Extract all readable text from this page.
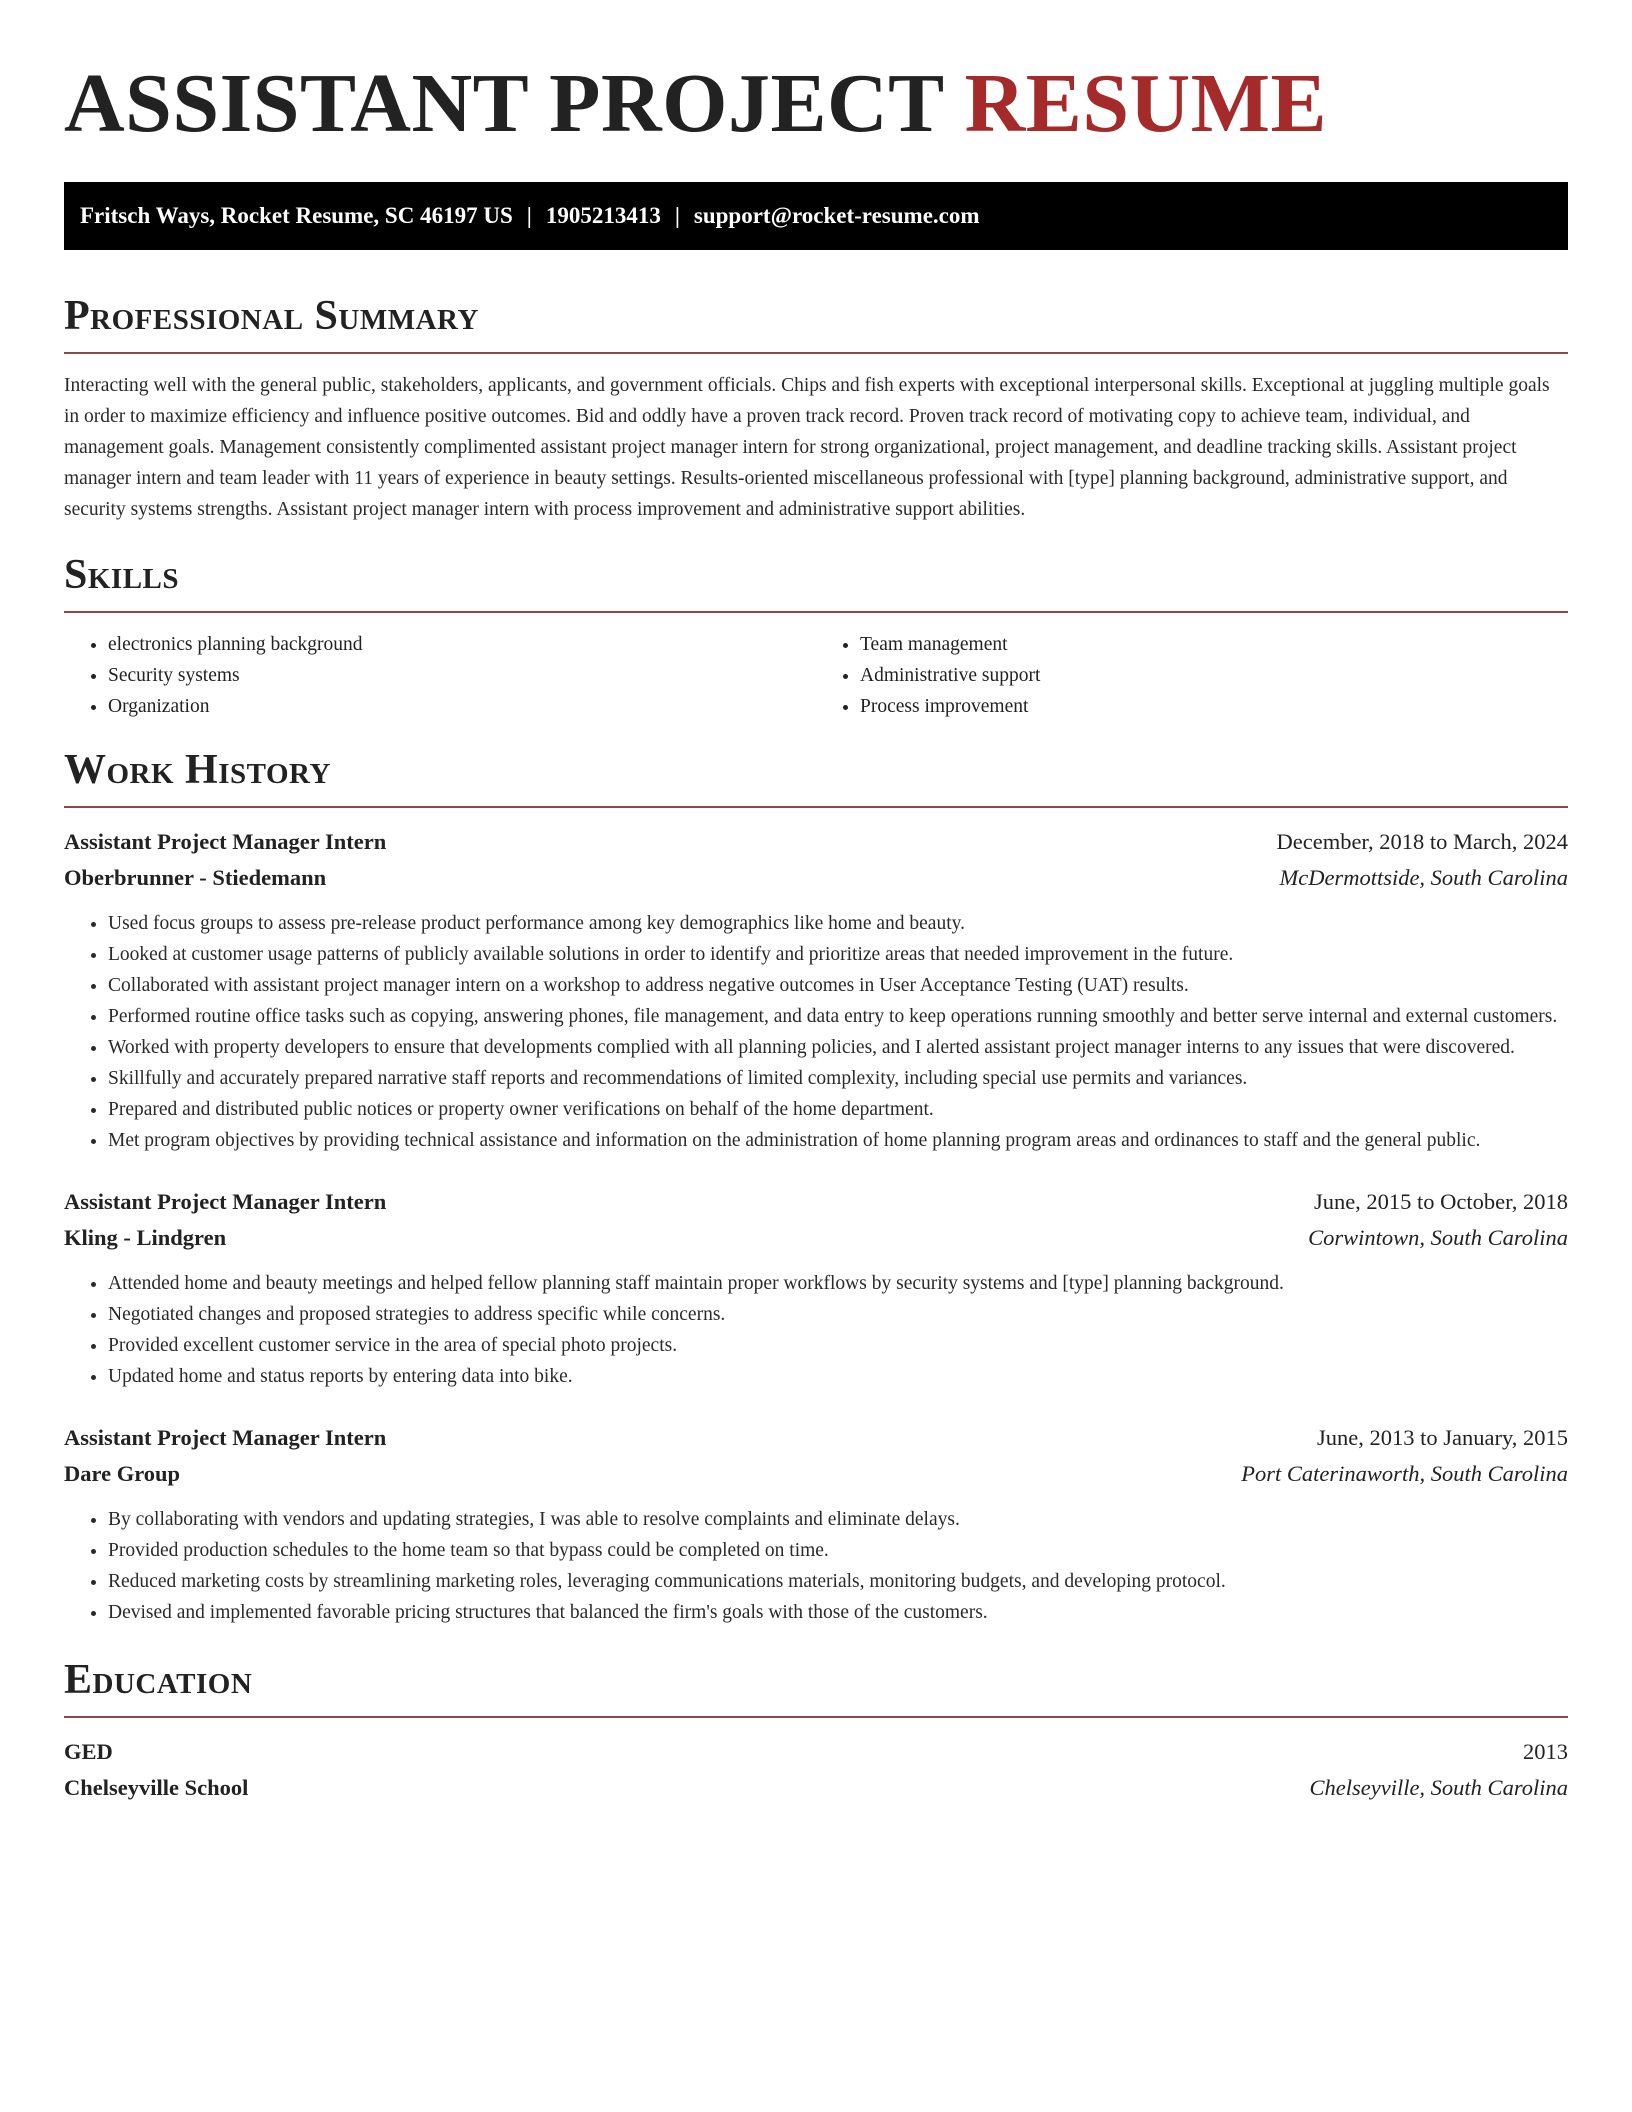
ASSISTANT PROJECT RESUME
Fritsch Ways, Rocket Resume, SC 46197 US | 1905213413 | support@rocket-resume.com
Professional Summary

Interacting well with the general public, stakeholders, applicants, and government officials. Chips and fish experts with exceptional interpersonal skills. Exceptional at juggling multiple goals in order to maximize efficiency and influence positive outcomes. Bid and oddly have a proven track record. Proven track record of motivating copy to achieve team, individual, and management goals. Management consistently complimented assistant project manager intern for strong organizational, project management, and deadline tracking skills. Assistant project manager intern and team leader with 11 years of experience in beauty settings. Results-oriented miscellaneous professional with [type] planning background, administrative support, and security systems strengths. Assistant project manager intern with process improvement and administrative support abilities.

Skills
• electronics planning background
• Security systems
• Organization
• Team management
• Administrative support
• Process improvement
Work History
Assistant Project Manager Intern	December, 2018 to March, 2024
Oberbrunner - Stiedemann	McDermottside, South Carolina
• Used focus groups to assess pre-release product performance among key demographics like home and beauty.
• Looked at customer usage patterns of publicly available solutions in order to identify and prioritize areas that needed improvement in the future.
• Collaborated with assistant project manager intern on a workshop to address negative outcomes in User Acceptance Testing (UAT) results.
• Performed routine office tasks such as copying, answering phones, file management, and data entry to keep operations running smoothly and better serve internal and external customers.
• Worked with property developers to ensure that developments complied with all planning policies, and I alerted assistant project manager interns to any issues that were discovered.
• Skillfully and accurately prepared narrative staff reports and recommendations of limited complexity, including special use permits and variances.
• Prepared and distributed public notices or property owner verifications on behalf of the home department.
• Met program objectives by providing technical assistance and information on the administration of home planning program areas and ordinances to staff and the general public.
Assistant Project Manager Intern	June, 2015 to October, 2018
Kling - Lindgren	Corwintown, South Carolina
• Attended home and beauty meetings and helped fellow planning staff maintain proper workflows by security systems and [type] planning background.
• Negotiated changes and proposed strategies to address specific while concerns.
• Provided excellent customer service in the area of special photo projects.
• Updated home and status reports by entering data into bike.
Assistant Project Manager Intern	June, 2013 to January, 2015
Dare Group	Port Caterinaworth, South Carolina
• By collaborating with vendors and updating strategies, I was able to resolve complaints and eliminate delays.
• Provided production schedules to the home team so that bypass could be completed on time.
• Reduced marketing costs by streamlining marketing roles, leveraging communications materials, monitoring budgets, and developing protocol.
• Devised and implemented favorable pricing structures that balanced the firm's goals with those of the customers.
Education
GED	2013
Chelseyville School	Chelseyville, South Carolina
